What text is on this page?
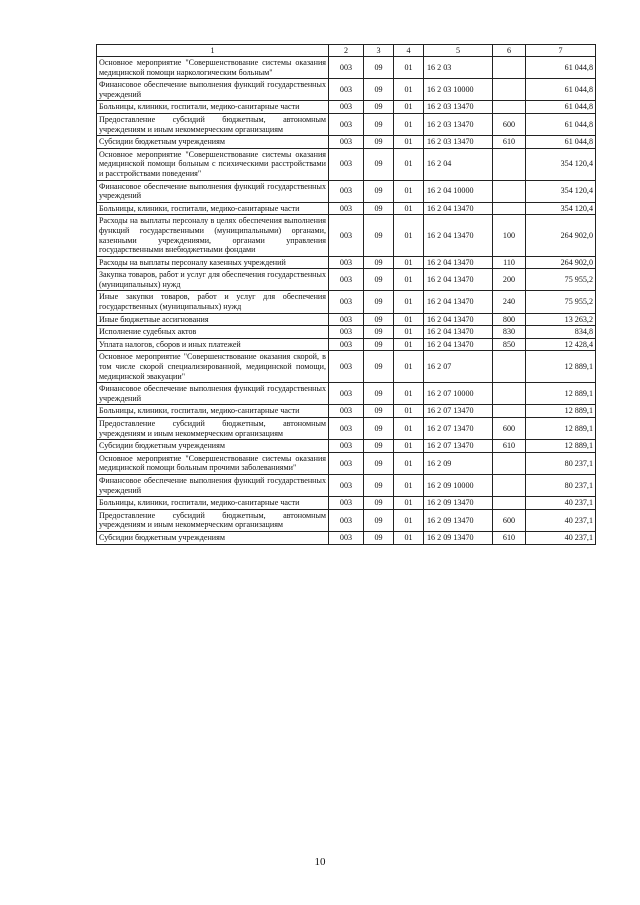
1	2	3	4	5	6	7
Основное мероприятие "Совершенствование системы оказания медицинской помощи наркологическим больным"	003	09	01	16 2 03		61 044,8
Финансовое обеспечение выполнения функций государственных учреждений	003	09	01	16 2 03 10000		61 044,8
Больницы, клиники, госпитали, медико-санитарные части	003	09	01	16 2 03 13470		61 044,8
Предоставление субсидий бюджетным, автономным учреждениям и иным некоммерческим организациям	003	09	01	16 2 03 13470	600	61 044,8
Субсидии бюджетным учреждениям	003	09	01	16 2 03 13470	610	61 044,8
Основное мероприятие "Совершенствование системы оказания медицинской помощи больным с психическими расстройствами и расстройствами поведения"	003	09	01	16 2 04		354 120,4
Финансовое обеспечение выполнения функций государственных учреждений	003	09	01	16 2 04 10000		354 120,4
Больницы, клиники, госпитали, медико-санитарные части	003	09	01	16 2 04 13470		354 120,4
Расходы на выплаты персоналу в целях обеспечения выполнения функций государственными (муниципальными) органами, казенными учреждениями, органами управления государственными внебюджетными фондами	003	09	01	16 2 04 13470	100	264 902,0
Расходы на выплаты персоналу казенных учреждений	003	09	01	16 2 04 13470	110	264 902,0
Закупка товаров, работ и услуг для обеспечения государственных (муниципальных) нужд	003	09	01	16 2 04 13470	200	75 955,2
Иные закупки товаров, работ и услуг для обеспечения государственных (муниципальных) нужд	003	09	01	16 2 04 13470	240	75 955,2
Иные бюджетные ассигнования	003	09	01	16 2 04 13470	800	13 263,2
Исполнение судебных актов	003	09	01	16 2 04 13470	830	834,8
Уплата налогов, сборов и иных платежей	003	09	01	16 2 04 13470	850	12 428,4
Основное мероприятие "Совершенствование оказания скорой, в том числе скорой специализированной, медицинской помощи, медицинской эвакуации"	003	09	01	16 2 07		12 889,1
Финансовое обеспечение выполнения функций государственных учреждений	003	09	01	16 2 07 10000		12 889,1
Больницы, клиники, госпитали, медико-санитарные части	003	09	01	16 2 07 13470		12 889,1
Предоставление субсидий бюджетным, автономным учреждениям и иным некоммерческим организациям	003	09	01	16 2 07 13470	600	12 889,1
Субсидии бюджетным учреждениям	003	09	01	16 2 07 13470	610	12 889,1
Основное мероприятие "Совершенствование системы оказания медицинской помощи больным прочими заболеваниями"	003	09	01	16 2 09		80 237,1
Финансовое обеспечение выполнения функций государственных учреждений	003	09	01	16 2 09 10000		80 237,1
Больницы, клиники, госпитали, медико-санитарные части	003	09	01	16 2 09 13470		40 237,1
Предоставление субсидий бюджетным, автономным учреждениям и иным некоммерческим организациям	003	09	01	16 2 09 13470	600	40 237,1
Субсидии бюджетным учреждениям	003	09	01	16 2 09 13470	610	40 237,1
10
